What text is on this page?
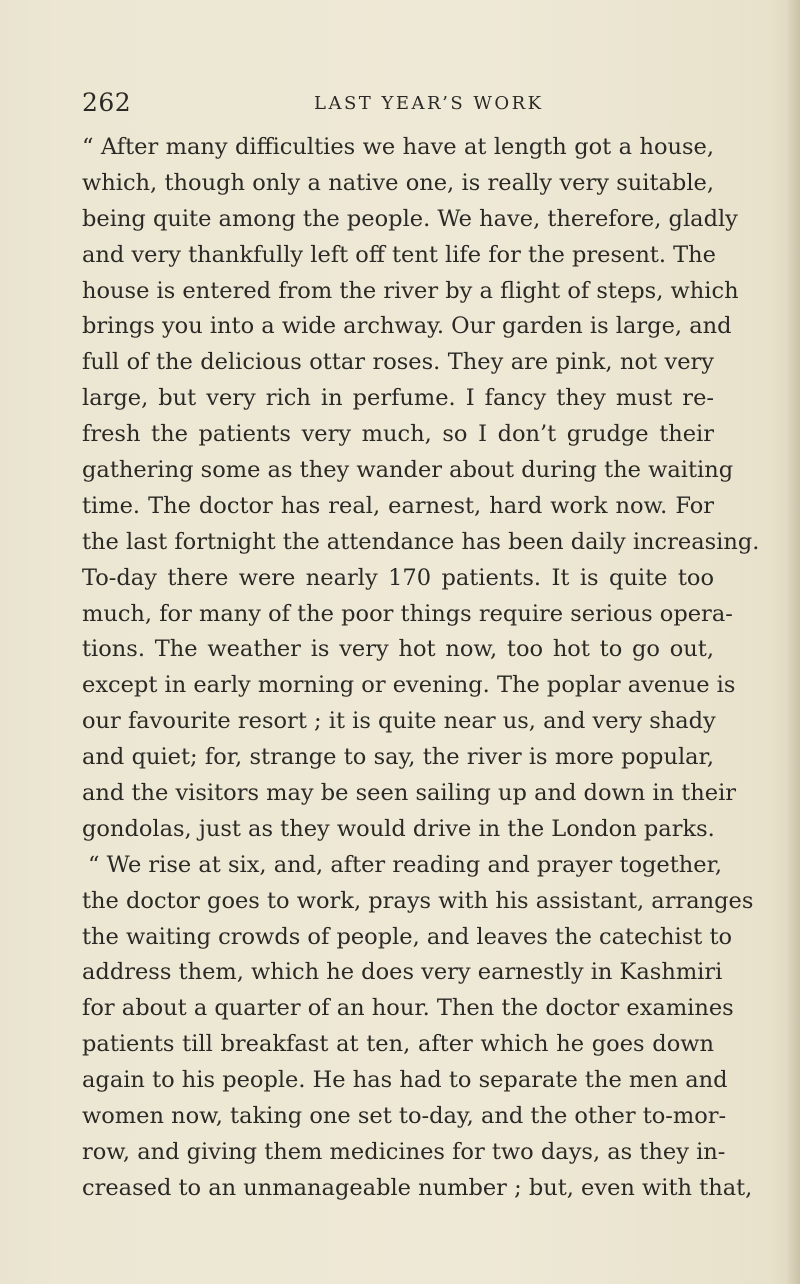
262	LAST YEAR’S WORK
“ After many difficulties we have at length got a house,
which, though only a native one, is really very suitable,
being quite among the people. We have, therefore, gladly
and very thankfully left off tent life for the present. The
house is entered from the river by a flight of steps, which
brings you into a wide archway. Our garden is large, and
full of the delicious ottar roses. They are pink, not very
large, but very rich in perfume. I fancy they must re-
fresh the patients very much, so I don’t grudge their
gathering some as they wander about during the waiting
time. The doctor has real, earnest, hard work now. For
the last fortnight the attendance has been daily increasing.
To-day there were nearly 170 patients. It is quite too
much, for many of the poor things require serious opera-
tions. The weather is very hot now, too hot to go out,
except in early morning or evening. The poplar avenue is
our favourite resort ; it is quite near us, and very shady
and quiet; for, strange to say, the river is more popular,
and the visitors may be seen sailing up and down in their
gondolas, just as they would drive in the London parks.
“ We rise at six, and, after reading and prayer together,
the doctor goes to work, prays with his assistant, arranges
the waiting crowds of people, and leaves the catechist to
address them, which he does very earnestly in Kashmiri
for about a quarter of an hour. Then the doctor examines
patients till breakfast at ten, after which he goes down
again to his people. He has had to separate the men and
women now, taking one set to-day, and the other to-mor-
row, and giving them medicines for two days, as they in-
creased to an unmanageable number ; but, even with that,
